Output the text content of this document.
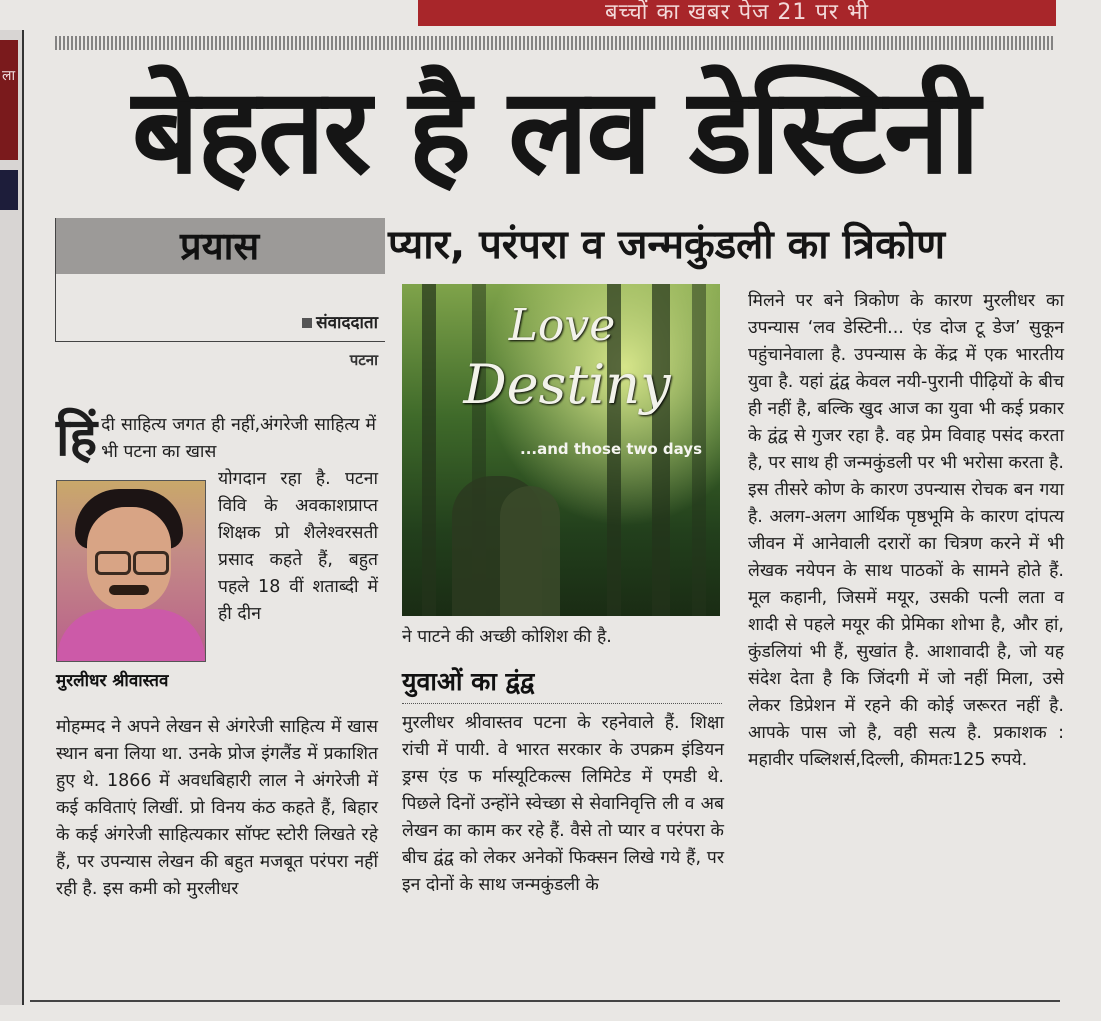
बच्चों का खबर पेज 21 पर भी
ला बेहतर है लव डेस्टिनी
प्रयास	प्यार, परंपरा व जन्मकुंडली का त्रिकोण
संवाददाता
पटना
हिं दी साहित्य जगत ही नहीं,अंगरेजी साहित्य में भी पटना का खास
मुरलीधर श्रीवास्तव
योगदान रहा है. पटना विवि के अवकाशप्राप्त शिक्षक प्रो शैलेश्वरसती प्रसाद कहते हैं, बहुत पहले 18 वीं शताब्दी में ही दीन
मोहम्मद ने अपने लेखन से अंगरेजी साहित्य में खास स्थान बना लिया था. उनके प्रोज इंगलैंड में प्रकाशित हुए थे. 1866 में अवधबिहारी लाल ने अंगरेजी में कई कविताएं लिखीं. प्रो विनय कंठ कहते हैं, बिहार के कई अंगरेजी साहित्यकार सॉफ्ट स्टोरी लिखते रहे हैं, पर उपन्यास लेखन की बहुत मजबूत परंपरा नहीं रही है. इस कमी को मुरलीधर
Love
Destiny
...and those two days
ने पाटने की अच्छी कोशिश की है.
युवाओं का द्वंद्व
मुरलीधर श्रीवास्तव पटना के रहनेवाले हैं. शिक्षा रांची में पायी. वे भारत सरकार के उपक्रम इंडियन ड्रग्स एंड फ र्मास्यूटिकल्स लिमिटेड में एमडी थे. पिछले दिनों उन्होंने स्वेच्छा से सेवानिवृत्ति ली व अब लेखन का काम कर रहे हैं. वैसे तो प्यार व परंपरा के बीच द्वंद्व को लेकर अनेकों फिक्सन लिखे गये हैं, पर इन दोनों के साथ जन्मकुंडली के
मिलने पर बने त्रिकोण के कारण मुरलीधर का उपन्यास ‘लव डेस्टिनी... एंड दोज टू डेज’ सुकून पहुंचानेवाला है. उपन्यास के केंद्र में एक भारतीय युवा है. यहां द्वंद्व केवल नयी-पुरानी पीढ़ियों के बीच ही नहीं है, बल्कि खुद आज का युवा भी कई प्रकार के द्वंद्व से गुजर रहा है. वह प्रेम विवाह पसंद करता है, पर साथ ही जन्मकुंडली पर भी भरोसा करता है. इस तीसरे कोण के कारण उपन्यास रोचक बन गया है. अलग-अलग आर्थिक पृष्ठभूमि के कारण दांपत्य जीवन में आनेवाली दरारों का चित्रण करने में भी लेखक नयेपन के साथ पाठकों के सामने होते हैं. मूल कहानी, जिसमें मयूर, उसकी पत्नी लता व शादी से पहले मयूर की प्रेमिका शोभा है, और हां, कुंडलियां भी हैं, सुखांत है. आशावादी है, जो यह संदेश देता है कि जिंदगी में जो नहीं मिला, उसे लेकर डिप्रेशन में रहने की कोई जरूरत नहीं है. आपके पास जो है, वही सत्य है. प्रकाशक : महावीर पब्लिशर्स,दिल्ली, कीमतः125 रुपये.
